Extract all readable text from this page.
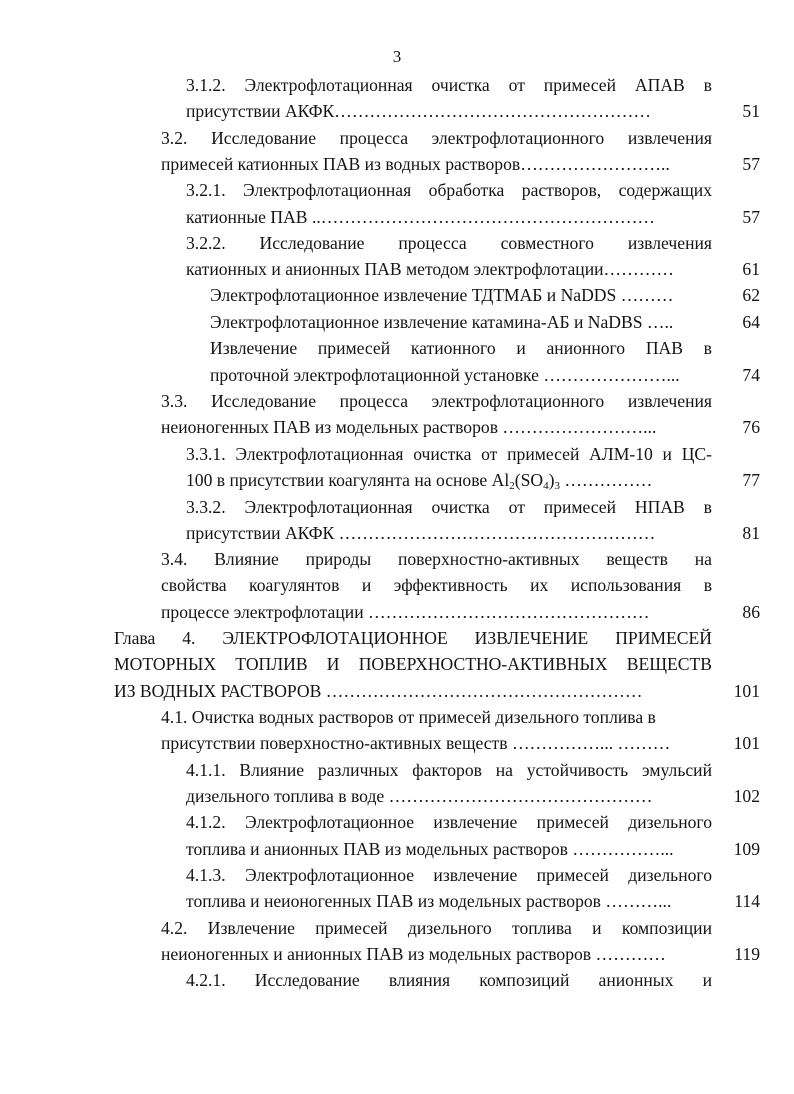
3
3.1.2. Электрофлотационная очистка от примесей АПАВ в
присутствии АКФК………………………………………………	51
3.2. Исследование процесса электрофлотационного извлечения
примесей катионных ПАВ из водных растворов……………………..	57
3.2.1. Электрофлотационная обработка растворов, содержащих
катионные ПАВ ..…………………………………………………	57
3.2.2. Исследование процесса совместного извлечения
катионных и анионных ПАВ методом электрофлотации…………	61
Электрофлотационное извлечение ТДТМАБ и NaDDS ………	62
Электрофлотационное извлечение катамина-АБ и NaDBS …..	64
Извлечение примесей катионного и анионного ПАВ в
проточной электрофлотационной установке …………………...	74
3.3. Исследование процесса электрофлотационного извлечения
неионогенных ПАВ из модельных растворов ……………………...	76
3.3.1. Электрофлотационная очистка от примесей АЛМ-10 и ЦС-
100 в присутствии коагулянта на основе $Al_2(SO_4)_3$ ……………	77
3.3.2. Электрофлотационная очистка от примесей НПАВ в
присутствии АКФК ………………………………………………	81
3.4. Влияние природы поверхностно-активных веществ на
свойства коагулянтов и эффективность их использования в
процессе электрофлотации …………………………………………	86
Глава 4. ЭЛЕКТРОФЛОТАЦИОННОЕ ИЗВЛЕЧЕНИЕ ПРИМЕСЕЙ
МОТОРНЫХ ТОПЛИВ И ПОВЕРХНОСТНО-АКТИВНЫХ ВЕЩЕСТВ
ИЗ ВОДНЫХ РАСТВОРОВ ………………………………………………	101
4.1. Очистка водных растворов от примесей дизельного топлива в
присутствии поверхностно-активных веществ ……………... ………	101
4.1.1. Влияние различных факторов на устойчивость эмульсий
дизельного топлива в воде ………………………………………	102
4.1.2. Электрофлотационное извлечение примесей дизельного
топлива и анионных ПАВ из модельных растворов ……………...	109
4.1.3. Электрофлотационное извлечение примесей дизельного
топлива и неионогенных ПАВ из модельных растворов ………...	114
4.2. Извлечение примесей дизельного топлива и композиции
неионогенных и анионных ПАВ из модельных растворов …………	119
4.2.1. Исследование влияния композиций анионных и
